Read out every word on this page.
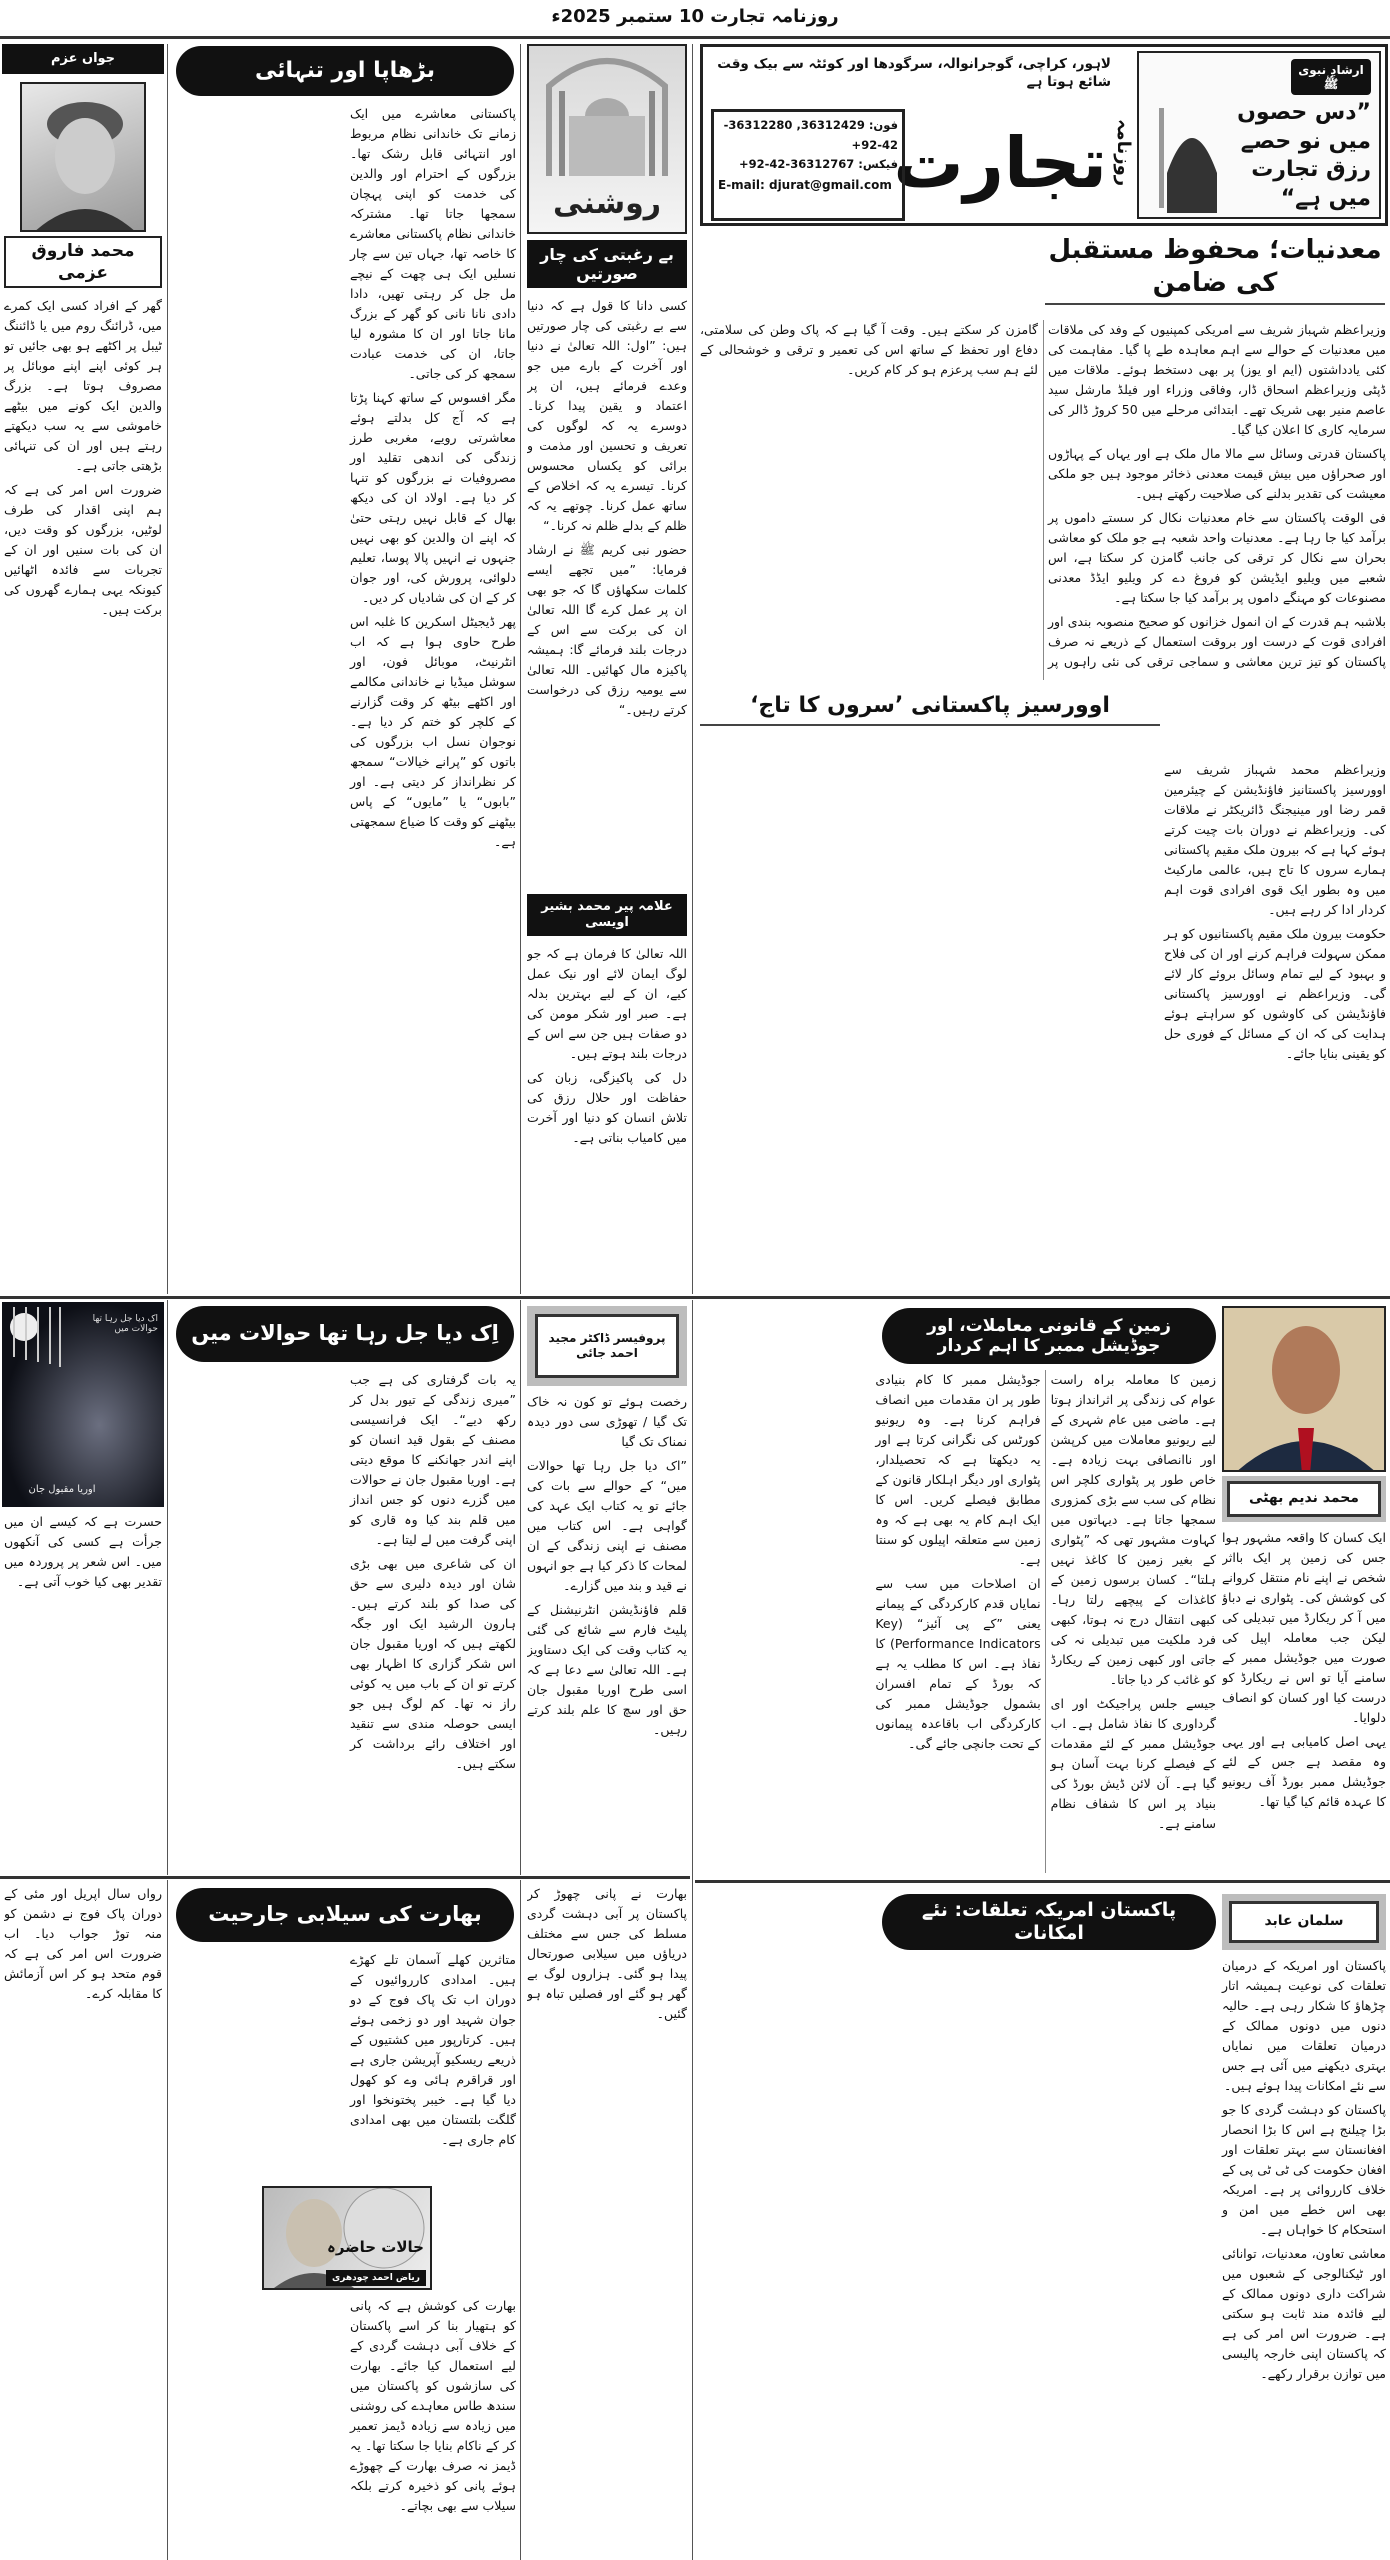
روزنامہ تجارت 10 ستمبر 2025ء
ارشادِ نبوی ﷺ
”دس حصوں میں نو حصے رزق تجارت میں ہے“
لاہور، کراچی، گوجرانوالہ، سرگودھا اور کوئٹہ سے بیک وقت شائع ہوتا ہے
روزنامہ
تجارت
فون: 36312429, 36312280-42-92+
فیکس: 36312767-42-92+
E-mail: djurat@gmail.com
جواں عزم
محمد فاروق عزمی

گھر کے افراد کسی ایک کمرے میں، ڈرائنگ روم میں یا ڈائننگ ٹیبل پر اکٹھے ہو بھی جائیں تو ہر کوئی اپنے اپنے موبائل پر مصروف ہوتا ہے۔ بزرگ والدین ایک کونے میں بیٹھے خاموشی سے یہ سب دیکھتے رہتے ہیں اور ان کی تنہائی بڑھتی جاتی ہے۔

ضرورت اس امر کی ہے کہ ہم اپنی اقدار کی طرف لوٹیں، بزرگوں کو وقت دیں، ان کی بات سنیں اور ان کے تجربات سے فائدہ اٹھائیں کیونکہ یہی ہمارے گھروں کی برکت ہیں۔

بڑھاپا اور تنہائی

پاکستانی معاشرے میں ایک زمانے تک خاندانی نظام مربوط اور انتہائی قابل رشک تھا۔ بزرگوں کے احترام اور والدین کی خدمت کو اپنی پہچان سمجھا جاتا تھا۔ مشترکہ خاندانی نظام پاکستانی معاشرے کا خاصہ تھا، جہاں تین سے چار نسلیں ایک ہی چھت کے نیچے مل جل کر رہتی تھیں، دادا دادی نانا نانی کو گھر کے بزرگ مانا جاتا اور ان کا مشورہ لیا جاتا، ان کی خدمت عبادت سمجھ کر کی جاتی۔

مگر افسوس کے ساتھ کہنا پڑتا ہے کہ آج کل بدلتے ہوئے معاشرتی رویے، مغربی طرز زندگی کی اندھی تقلید اور مصروفیات نے بزرگوں کو تنہا کر دیا ہے۔ اولاد ان کی دیکھ بھال کے قابل نہیں رہتی حتیٰ کہ اپنے ان والدین کو بھی نہیں جنہوں نے انہیں پالا پوسا، تعلیم دلوائی، پرورش کی، اور جوان کر کے ان کی شادیاں کر دیں۔

پھر ڈیجیٹل اسکرین کا غلبہ اس طرح حاوی ہوا ہے کہ اب انٹرنیٹ، موبائل فون، اور سوشل میڈیا نے خاندانی مکالمے اور اکٹھے بیٹھ کر وقت گزارنے کے کلچر کو ختم کر دیا ہے۔ نوجوان نسل اب بزرگوں کی باتوں کو ”پرانے خیالات“ سمجھ کر نظرانداز کر دیتی ہے۔ اور ”بابوں“ یا ”مایوں“ کے پاس بیٹھنے کو وقت کا ضیاع سمجھتی ہے۔

روشنی
بے رغبتی کی چار صورتیں

کسی دانا کا قول ہے کہ دنیا سے بے رغبتی کی چار صورتیں ہیں: ”اول: اللہ تعالیٰ نے دنیا اور آخرت کے بارے میں جو وعدے فرمائے ہیں، ان پر اعتماد و یقین پیدا کرنا۔ دوسرے یہ کہ لوگوں کی تعریف و تحسین اور مذمت و برائی کو یکساں محسوس کرنا۔ تیسرے یہ کہ اخلاص کے ساتھ عمل کرنا۔ چوتھے یہ کہ ظلم کے بدلے ظلم نہ کرنا۔“

حضور نبی کریم ﷺ نے ارشاد فرمایا: ”میں تجھے ایسے کلمات سکھاؤں گا کہ جو بھی ان پر عمل کرے گا اللہ تعالیٰ ان کی برکت سے اس کے درجات بلند فرمائے گا: ہمیشہ پاکیزہ مال کھائیں۔ اللہ تعالیٰ سے یومیہ رزق کی درخواست کرتے رہیں۔“

علامہ پیر محمد بشیر اویسی

اللہ تعالیٰ کا فرمان ہے کہ جو لوگ ایمان لائے اور نیک عمل کیے، ان کے لیے بہترین بدلہ ہے۔ صبر اور شکر مومن کی دو صفات ہیں جن سے اس کے درجات بلند ہوتے ہیں۔

دل کی پاکیزگی، زبان کی حفاظت اور حلال رزق کی تلاش انسان کو دنیا اور آخرت میں کامیاب بناتی ہے۔

معدنیات؛ محفوظ مستقبل کی ضامن

وزیراعظم شہباز شریف سے امریکی کمپنیوں کے وفد کی ملاقات میں معدنیات کے حوالے سے اہم معاہدہ طے پا گیا۔ مفاہمت کی کئی یادداشتوں (ایم او یوز) پر بھی دستخط ہوئے۔ ملاقات میں ڈپٹی وزیراعظم اسحاق ڈار، وفاقی وزراء اور فیلڈ مارشل سید عاصم منیر بھی شریک تھے۔ ابتدائی مرحلے میں 50 کروڑ ڈالر کی سرمایہ کاری کا اعلان کیا گیا۔

پاکستان قدرتی وسائل سے مالا مال ملک ہے اور یہاں کے پہاڑوں اور صحراؤں میں بیش قیمت معدنی ذخائر موجود ہیں جو ملکی معیشت کی تقدیر بدلنے کی صلاحیت رکھتے ہیں۔

فی الوقت پاکستان سے خام معدنیات نکال کر سستے داموں پر برآمد کیا جا رہا ہے۔ معدنیات واحد شعبہ ہے جو ملک کو معاشی بحران سے نکال کر ترقی کی جانب گامزن کر سکتا ہے، اس شعبے میں ویلیو ایڈیشن کو فروغ دے کر ویلیو ایڈڈ معدنی مصنوعات کو مہنگے داموں پر برآمد کیا جا سکتا ہے۔

بلاشبہ ہم قدرت کے ان انمول خزانوں کو صحیح منصوبہ بندی اور افرادی قوت کے درست اور بروقت استعمال کے ذریعے نہ صرف پاکستان کو تیز ترین معاشی و سماجی ترقی کی نئی راہوں پر گامزن کر سکتے ہیں۔ وقت آ گیا ہے کہ پاک وطن کی سلامتی، دفاع اور تحفظ کے ساتھ اس کی تعمیر و ترقی و خوشحالی کے لئے ہم سب پرعزم ہو کر کام کریں۔

اوورسیز پاکستانی ’سروں کا تاج‘

وزیراعظم محمد شہباز شریف سے اوورسیز پاکستانیز فاؤنڈیشن کے چیئرمین قمر رضا اور مینیجنگ ڈائریکٹر نے ملاقات کی۔ وزیراعظم نے دوران بات چیت کرتے ہوئے کہا ہے کہ بیرون ملک مقیم پاکستانی ہمارے سروں کا تاج ہیں، عالمی مارکیٹ میں وہ بطور ایک قوی افرادی قوت اہم کردار ادا کر رہے ہیں۔

حکومت بیرون ملک مقیم پاکستانیوں کو ہر ممکن سہولت فراہم کرنے اور ان کی فلاح و بہبود کے لیے تمام وسائل بروئے کار لائے گی۔ وزیراعظم نے اوورسیز پاکستانی فاؤنڈیشن کی کاوشوں کو سراہتے ہوئے ہدایت کی کہ ان کے مسائل کے فوری حل کو یقینی بنایا جائے۔

اک دیا جل رہا تھا حوالات میں
اوریا مقبول جان

حسرت ہے کہ کیسے ان میں جرأت ہے کسی کی آنکھوں میں۔ اس شعر پر پروردہ میں تقدیر بھی کیا خوب آتی ہے۔

اِک دیا جل رہا تھا حوالات میں

یہ بات گرفتاری کی ہے جب ”میری زندگی کے تیور بدل کر رکھ دیے“۔ ایک فرانسیسی مصنف کے بقول قید انسان کو اپنے اندر جھانکنے کا موقع دیتی ہے۔ اوریا مقبول جان نے حوالات میں گزرے دنوں کو جس انداز میں قلم بند کیا وہ قاری کو اپنی گرفت میں لے لیتا ہے۔

ان کی شاعری میں بھی بڑی شان اور دیدہ دلیری سے حق کی صدا کو بلند کرتے ہیں۔ ہارون الرشید ایک اور جگہ لکھتے ہیں کہ اوریا مقبول جان اس شکر گزاری کا اظہار بھی کرتے تو ان کے باب میں یہ کوئی راز نہ تھا۔ کم لوگ ہیں جو ایسی حوصلہ مندی سے تنقید اور اختلاف رائے برداشت کر سکتے ہیں۔

پروفیسر ڈاکٹر مجید احمد جائی

رخصت ہوئے تو کون نہ خاک تک گیا / تھوڑی سی دور دیدہ نمناک تک گیا

”اک دیا جل رہا تھا حوالات میں“ کے حوالے سے بات کی جائے تو یہ کتاب ایک عہد کی گواہی ہے۔ اس کتاب میں مصنف نے اپنی زندگی کے ان لمحات کا ذکر کیا ہے جو انہوں نے قید و بند میں گزارے۔

قلم فاؤنڈیشن انٹرنیشنل کے پلیٹ فارم سے شائع کی گئی یہ کتاب وقت کی ایک دستاویز ہے۔ اللہ تعالیٰ سے دعا ہے کہ اسی طرح اوریا مقبول جان حق اور سچ کا علم بلند کرتے رہیں۔

زمین کے قانونی معاملات، اور جوڈیشل ممبر کا اہم کردار
محمد ندیم بھٹی

ایک کسان کا واقعہ مشہور ہوا جس کی زمین پر ایک بااثر شخص نے اپنے نام منتقل کروانے کی کوشش کی۔ پٹواری نے دباؤ میں آ کر ریکارڈ میں تبدیلی کی لیکن جب معاملہ اپیل کی صورت میں جوڈیشل ممبر کے سامنے آیا تو اس نے ریکارڈ کو درست کیا اور کسان کو انصاف دلوایا۔

یہی اصل کامیابی ہے اور یہی وہ مقصد ہے جس کے لئے جوڈیشل ممبر بورڈ آف ریونیو کا عہدہ قائم کیا گیا تھا۔

زمین کا معاملہ براہ راست عوام کی زندگی پر اثرانداز ہوتا ہے۔ ماضی میں عام شہری کے لیے ریونیو معاملات میں کرپشن اور ناانصافی بہت زیادہ ہے۔ خاص طور پر پٹواری کلچر اس نظام کی سب سے بڑی کمزوری سمجھا جاتا ہے۔ دیہاتوں میں کہاوت مشہور تھی کہ ”پٹواری کے بغیر زمین کا کاغذ نہیں ہلتا“۔ کسان برسوں زمین کے کاغذات کے پیچھے رلتا رہا۔ کبھی انتقال درج نہ ہوتا، کبھی فرد ملکیت میں تبدیلی نہ کی جاتی اور کبھی زمین کے ریکارڈ کو غائب کر دیا جاتا۔

جیسے جلس پراجیکٹ اور ای گرداوری کا نفاذ شامل ہے۔ اب جوڈیشل ممبر کے لئے مقدمات کے فیصلے کرنا بہت آسان ہو گیا ہے۔ آن لائن ڈیش بورڈ کی بنیاد پر اس کا شفاف نظام سامنے ہے۔

جوڈیشل ممبر کا کام بنیادی طور پر ان مقدمات میں انصاف فراہم کرنا ہے۔ وہ ریونیو کورٹس کی نگرانی کرتا ہے اور یہ دیکھتا ہے کہ تحصیلدار، پٹواری اور دیگر اہلکار قانون کے مطابق فیصلے کریں۔ اس کا ایک اہم کام یہ بھی ہے کہ وہ زمین سے متعلقہ اپیلوں کو سنتا ہے۔

ان اصلاحات میں سب سے نمایاں قدم کارکردگی کے پیمانے یعنی ”کے پی آئیز“ (Key Performance Indicators) کا نفاذ ہے۔ اس کا مطلب یہ ہے کہ بورڈ کے تمام افسران بشمول جوڈیشل ممبر کی کارکردگی اب باقاعدہ پیمانوں کے تحت جانچی جائے گی۔

رواں سال اپریل اور مئی کے دوران پاک فوج نے دشمن کو منہ توڑ جواب دیا۔ اب ضرورت اس امر کی ہے کہ قوم متحد ہو کر اس آزمائش کا مقابلہ کرے۔

بھارت کی سیلابی جارحیت

متاثرین کھلے آسمان تلے کھڑے ہیں۔ امدادی کارروائیوں کے دوران اب تک پاک فوج کے دو جوان شہید اور دو زخمی ہوئے ہیں۔ کرتارپور میں کشتیوں کے ذریعے ریسکیو آپریشن جاری ہے اور قراقرم ہائی وے کو کھول دیا گیا ہے۔ خیبر پختونخوا اور گلگت بلتستان میں بھی امدادی کام جاری ہے۔

حالات حاضرہ
ریاض احمد چودھری

بھارت کی کوشش ہے کہ پانی کو ہتھیار بنا کر اسے پاکستان کے خلاف آبی دہشت گردی کے لیے استعمال کیا جائے۔ بھارت کی سازشوں کو پاکستان میں سندھ طاس معاہدے کی روشنی میں زیادہ سے زیادہ ڈیمز تعمیر کر کے ناکام بنایا جا سکتا تھا۔ یہ ڈیمز نہ صرف بھارت کے چھوڑے ہوئے پانی کو ذخیرہ کرتے بلکہ سیلاب سے بھی بچاتے۔

بھارت نے پانی چھوڑ کر پاکستان پر آبی دہشت گردی مسلط کی جس سے مختلف دریاؤں میں سیلابی صورتحال پیدا ہو گئی۔ ہزاروں لوگ بے گھر ہو گئے اور فصلیں تباہ ہو گئیں۔

پاکستان امریکہ تعلقات: نئے امکانات
سلمان عابد

پاکستان اور امریکہ کے درمیان تعلقات کی نوعیت ہمیشہ اتار چڑھاؤ کا شکار رہی ہے۔ حالیہ دنوں میں دونوں ممالک کے درمیان تعلقات میں نمایاں بہتری دیکھنے میں آئی ہے جس سے نئے امکانات پیدا ہوئے ہیں۔

پاکستان کو دہشت گردی کا جو بڑا چیلنج ہے اس کا بڑا انحصار افغانستان سے بہتر تعلقات اور افغان حکومت کی ٹی ٹی پی کے خلاف کارروائی پر ہے۔ امریکہ بھی اس خطے میں امن و استحکام کا خواہاں ہے۔

معاشی تعاون، معدنیات، توانائی اور ٹیکنالوجی کے شعبوں میں شراکت داری دونوں ممالک کے لیے فائدہ مند ثابت ہو سکتی ہے۔ ضرورت اس امر کی ہے کہ پاکستان اپنی خارجہ پالیسی میں توازن برقرار رکھے۔
